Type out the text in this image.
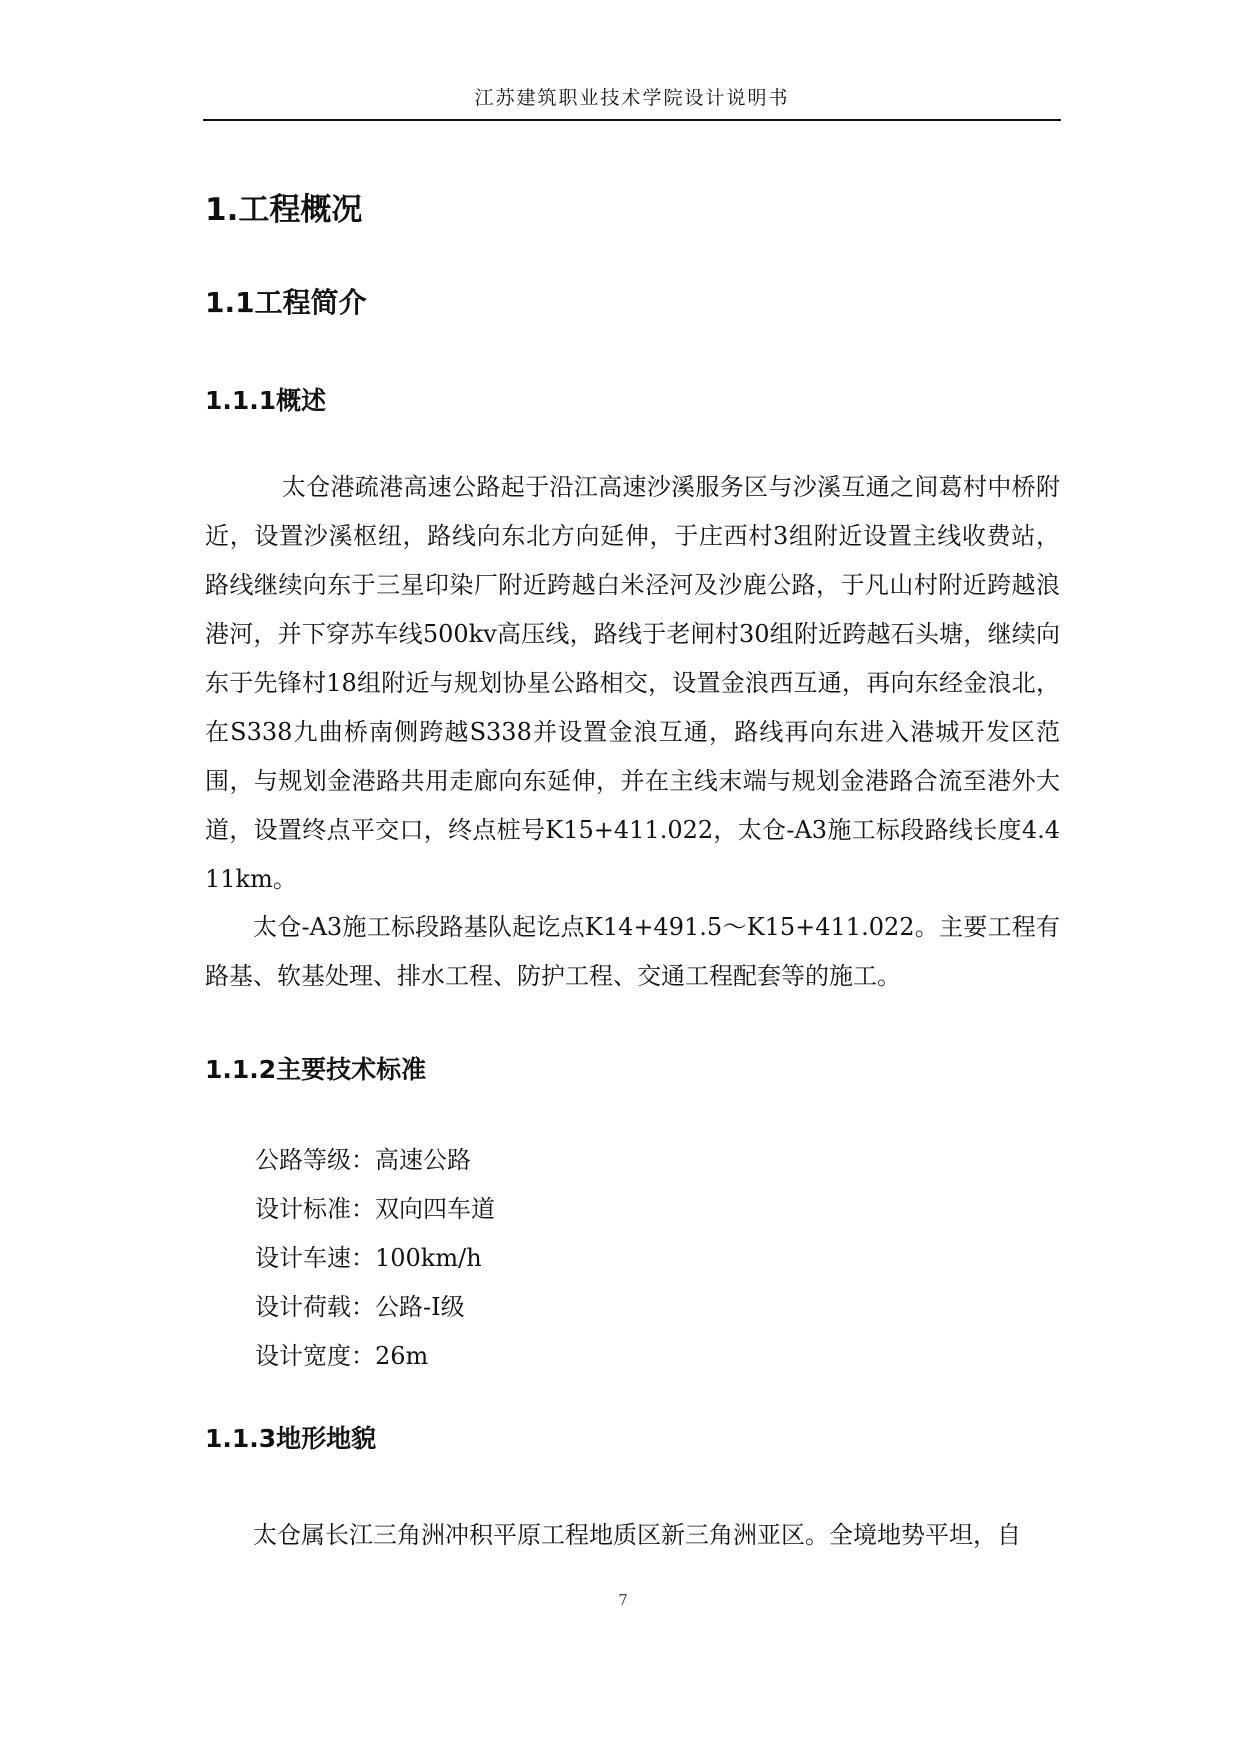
江苏建筑职业技术学院设计说明书
1.工程概况
1.1工程简介
1.1.1概述

太仓港疏港高速公路起于沿江高速沙溪服务区与沙溪互通之间葛村中桥附近，设置沙溪枢纽，路线向东北方向延伸，于庄西村3组附近设置主线收费站，路线继续向东于三星印染厂附近跨越白米泾河及沙鹿公路，于凡山村附近跨越浪港河，并下穿苏车线500kv高压线，路线于老闸村30组附近跨越石头塘，继续向东于先锋村18组附近与规划协星公路相交，设置金浪西互通，再向东经金浪北，在S338九曲桥南侧跨越S338并设置金浪互通，路线再向东进入港城开发区范围，与规划金港路共用走廊向东延伸，并在主线末端与规划金港路合流至港外大道，设置终点平交口，终点桩号K15+411.022，太仓-A3施工标段路线长度4.411km。

太仓-A3施工标段路基队起讫点K14+491.5～K15+411.022。主要工程有路基、软基处理、排水工程、防护工程、交通工程配套等的施工。

1.1.2主要技术标准
公路等级：高速公路
设计标准：双向四车道
设计车速：100km/h
设计荷载：公路-Ⅰ级
设计宽度：26m
1.1.3地形地貌

太仓属长江三角洲冲积平原工程地质区新三角洲亚区。全境地势平坦，自

7
